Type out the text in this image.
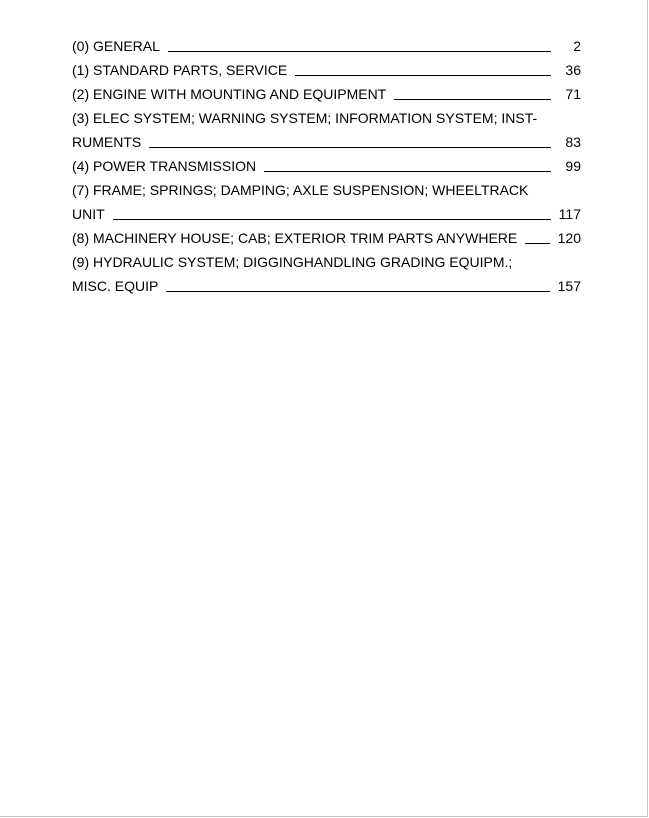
(0) GENERAL	2
(1) STANDARD PARTS, SERVICE	36
(2) ENGINE WITH MOUNTING AND EQUIPMENT	71
(3) ELEC SYSTEM; WARNING SYSTEM; INFORMATION SYSTEM; INST-
RUMENTS	83
(4) POWER TRANSMISSION	99
(7) FRAME; SPRINGS; DAMPING; AXLE SUSPENSION; WHEELTRACK
UNIT	117
(8) MACHINERY HOUSE; CAB; EXTERIOR TRIM PARTS ANYWHERE	120
(9) HYDRAULIC SYSTEM; DIGGINGHANDLING GRADING EQUIPM.;
MISC. EQUIP	157
